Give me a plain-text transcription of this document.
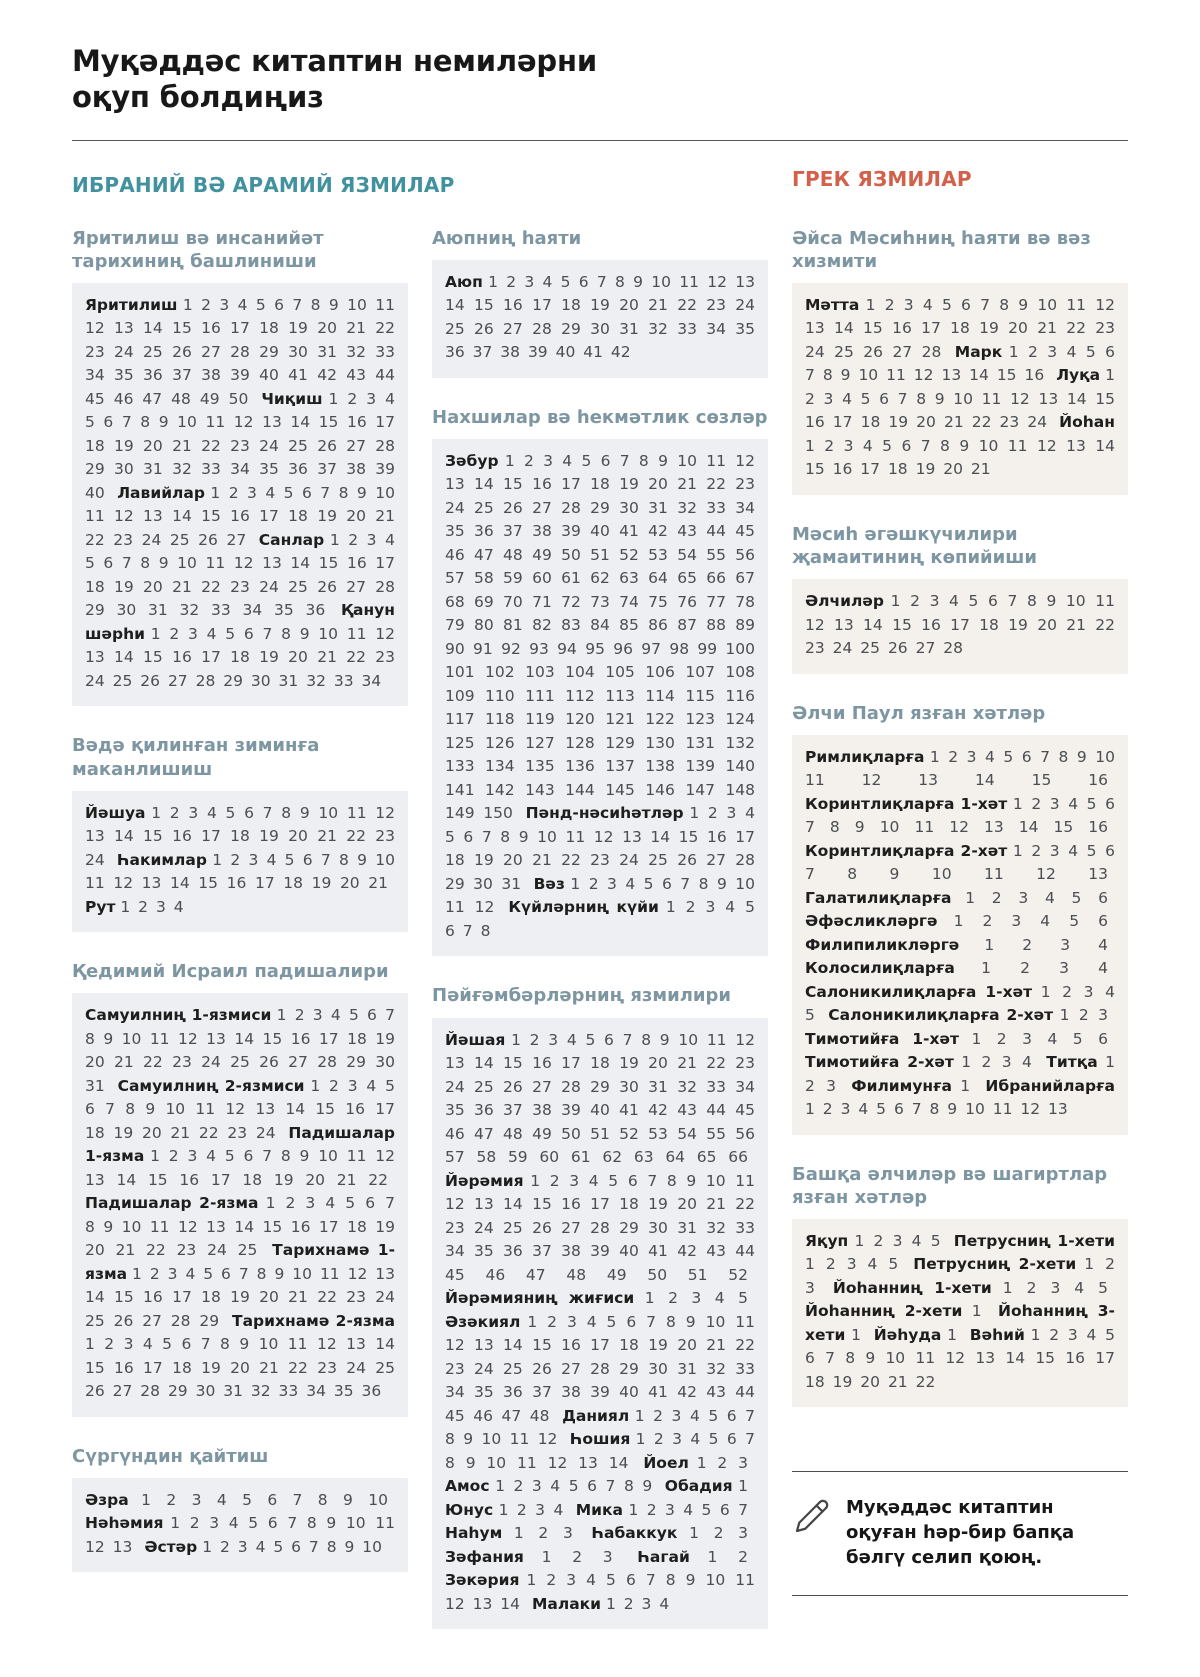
Муқәддәс китаптин немиләрни оқуп болдиңиз
ИБРАНИЙ ВӘ АРАМИЙ ЯЗМИЛАР	ГРЕК ЯЗМИЛАР
Яритилиш вә инсанийәт тарихиниң башлиниши
Яритилиш 1 2 3 4 5 6 7 8 9 10 11 12 13 14 15 16 17 18 19 20 21 22 23 24 25 26 27 28 29 30 31 32 33 34 35 36 37 38 39 40 41 42 43 44 45 46 47 48 49 50 Чиқиш 1 2 3 4 5 6 7 8 9 10 11 12 13 14 15 16 17 18 19 20 21 22 23 24 25 26 27 28 29 30 31 32 33 34 35 36 37 38 39 40 Лавийлар 1 2 3 4 5 6 7 8 9 10 11 12 13 14 15 16 17 18 19 20 21 22 23 24 25 26 27 Санлар 1 2 3 4 5 6 7 8 9 10 11 12 13 14 15 16 17 18 19 20 21 22 23 24 25 26 27 28 29 30 31 32 33 34 35 36 Қанун шәрһи 1 2 3 4 5 6 7 8 9 10 11 12 13 14 15 16 17 18 19 20 21 22 23 24 25 26 27 28 29 30 31 32 33 34
Вәдә қилинған зиминға маканлишиш
Йәшуа 1 2 3 4 5 6 7 8 9 10 11 12 13 14 15 16 17 18 19 20 21 22 23 24 Һакимлар 1 2 3 4 5 6 7 8 9 10 11 12 13 14 15 16 17 18 19 20 21 Рут 1 2 3 4
Қедимий Исраил падишалири
Самуилниң 1-язмиси 1 2 3 4 5 6 7 8 9 10 11 12 13 14 15 16 17 18 19 20 21 22 23 24 25 26 27 28 29 30 31 Самуилниң 2-язмиси 1 2 3 4 5 6 7 8 9 10 11 12 13 14 15 16 17 18 19 20 21 22 23 24 Падишалар 1-язма 1 2 3 4 5 6 7 8 9 10 11 12 13 14 15 16 17 18 19 20 21 22 Падишалар 2-язма 1 2 3 4 5 6 7 8 9 10 11 12 13 14 15 16 17 18 19 20 21 22 23 24 25 Тарихнамә 1-язма 1 2 3 4 5 6 7 8 9 10 11 12 13 14 15 16 17 18 19 20 21 22 23 24 25 26 27 28 29 Тарихнамә 2-язма 1 2 3 4 5 6 7 8 9 10 11 12 13 14 15 16 17 18 19 20 21 22 23 24 25 26 27 28 29 30 31 32 33 34 35 36
Сүргүндин қайтиш
Әзра 1 2 3 4 5 6 7 8 9 10 Нәһәмия 1 2 3 4 5 6 7 8 9 10 11 12 13 Әстәр 1 2 3 4 5 6 7 8 9 10
Аюпниң һаяти
Аюп 1 2 3 4 5 6 7 8 9 10 11 12 13 14 15 16 17 18 19 20 21 22 23 24 25 26 27 28 29 30 31 32 33 34 35 36 37 38 39 40 41 42
Нахшилар вә һекмәтлик сөзләр
Зәбур 1 2 3 4 5 6 7 8 9 10 11 12 13 14 15 16 17 18 19 20 21 22 23 24 25 26 27 28 29 30 31 32 33 34 35 36 37 38 39 40 41 42 43 44 45 46 47 48 49 50 51 52 53 54 55 56 57 58 59 60 61 62 63 64 65 66 67 68 69 70 71 72 73 74 75 76 77 78 79 80 81 82 83 84 85 86 87 88 89 90 91 92 93 94 95 96 97 98 99 100 101 102 103 104 105 106 107 108 109 110 111 112 113 114 115 116 117 118 119 120 121 122 123 124 125 126 127 128 129 130 131 132 133 134 135 136 137 138 139 140 141 142 143 144 145 146 147 148 149 150 Пәнд-нәсиһәтләр 1 2 3 4 5 6 7 8 9 10 11 12 13 14 15 16 17 18 19 20 21 22 23 24 25 26 27 28 29 30 31 Вәз 1 2 3 4 5 6 7 8 9 10 11 12 Күйләрниң күйи 1 2 3 4 5 6 7 8
Пәйғәмбәрләрниң язмилири
Йәшая 1 2 3 4 5 6 7 8 9 10 11 12 13 14 15 16 17 18 19 20 21 22 23 24 25 26 27 28 29 30 31 32 33 34 35 36 37 38 39 40 41 42 43 44 45 46 47 48 49 50 51 52 53 54 55 56 57 58 59 60 61 62 63 64 65 66 Йәрәмия 1 2 3 4 5 6 7 8 9 10 11 12 13 14 15 16 17 18 19 20 21 22 23 24 25 26 27 28 29 30 31 32 33 34 35 36 37 38 39 40 41 42 43 44 45 46 47 48 49 50 51 52 Йәрәмияниң жиғиси 1 2 3 4 5 Әзәкиял 1 2 3 4 5 6 7 8 9 10 11 12 13 14 15 16 17 18 19 20 21 22 23 24 25 26 27 28 29 30 31 32 33 34 35 36 37 38 39 40 41 42 43 44 45 46 47 48 Даниял 1 2 3 4 5 6 7 8 9 10 11 12 Һошия 1 2 3 4 5 6 7 8 9 10 11 12 13 14 Йоел 1 2 3 Амос 1 2 3 4 5 6 7 8 9 Обадия 1 Юнус 1 2 3 4 Мика 1 2 3 4 5 6 7 Наһум 1 2 3 Һабаккук 1 2 3 Зәфания 1 2 3 Һагай 1 2 Зәкәрия 1 2 3 4 5 6 7 8 9 10 11 12 13 14 Малаки 1 2 3 4
Әйса Мәсиһниң һаяти вә вәз хизмити
Мәтта 1 2 3 4 5 6 7 8 9 10 11 12 13 14 15 16 17 18 19 20 21 22 23 24 25 26 27 28 Марк 1 2 3 4 5 6 7 8 9 10 11 12 13 14 15 16 Луқа 1 2 3 4 5 6 7 8 9 10 11 12 13 14 15 16 17 18 19 20 21 22 23 24 Йоһан 1 2 3 4 5 6 7 8 9 10 11 12 13 14 15 16 17 18 19 20 21
Мәсиһ әгәшкүчилири җамаитиниң көпийиши
Әлчиләр 1 2 3 4 5 6 7 8 9 10 11 12 13 14 15 16 17 18 19 20 21 22 23 24 25 26 27 28
Әлчи Паул язған хәтләр
Римлиқларға 1 2 3 4 5 6 7 8 9 10 11 12 13 14 15 16 Коринтлиқларға 1-хәт 1 2 3 4 5 6 7 8 9 10 11 12 13 14 15 16 Коринтлиқларға 2-хәт 1 2 3 4 5 6 7 8 9 10 11 12 13 Галатилиқларға 1 2 3 4 5 6 Әфәсликләргә 1 2 3 4 5 6 Филипиликләргә 1 2 3 4 Колосилиқларға 1 2 3 4 Салоникилиқларға 1-хәт 1 2 3 4 5 Салоникилиқларға 2-хәт 1 2 3 Тимотийға 1-хәт 1 2 3 4 5 6 Тимотийға 2-хәт 1 2 3 4 Титқа 1 2 3 Филимунға 1 Ибранийларға 1 2 3 4 5 6 7 8 9 10 11 12 13
Башқа әлчиләр вә шагиртлар язған хәтләр
Яқуп 1 2 3 4 5 Петрусниң 1-хети 1 2 3 4 5 Петрусниң 2-хети 1 2 3 Йоһанниң 1-хети 1 2 3 4 5 Йоһанниң 2-хети 1 Йоһанниң 3-хети 1 Йәһуда 1 Вәһий 1 2 3 4 5 6 7 8 9 10 11 12 13 14 15 16 17 18 19 20 21 22
Муқәддәс китаптин оқуған һәр-бир бапқа бәлгү селип қоюң.
